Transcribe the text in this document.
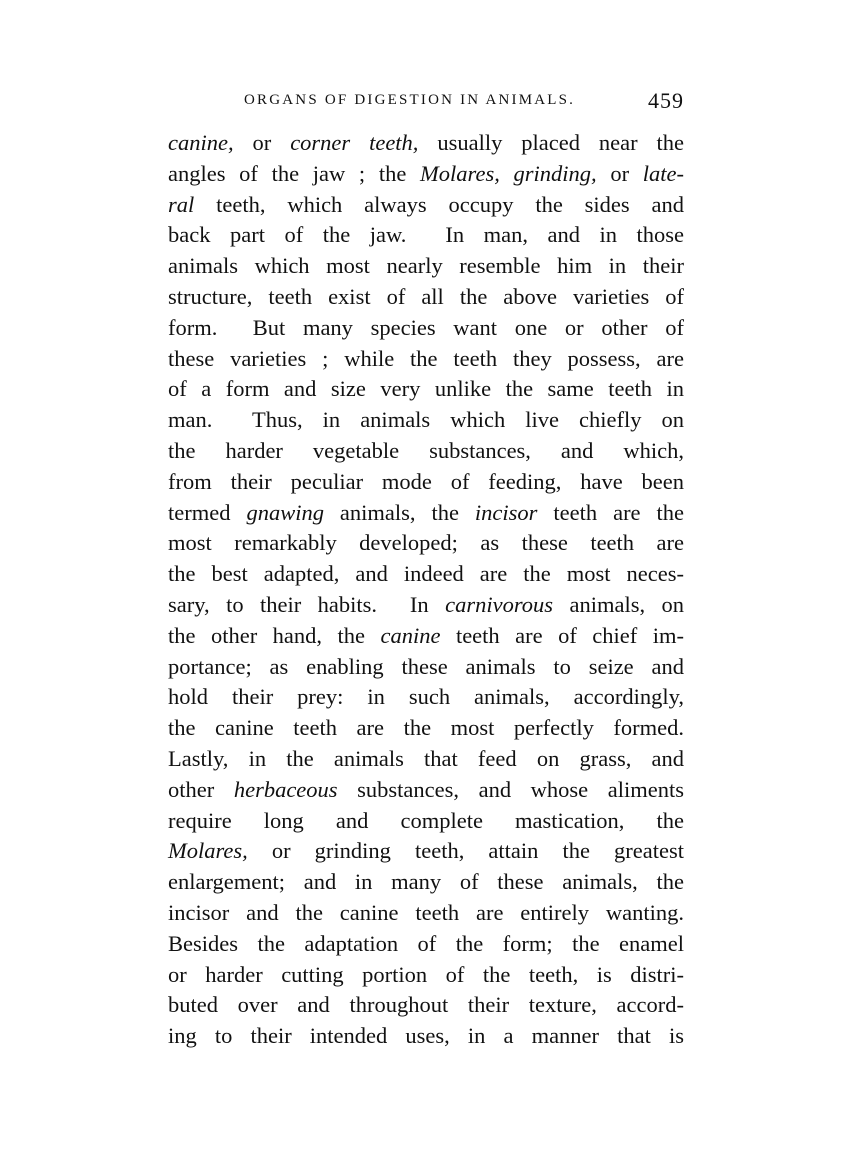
ORGANS OF DIGESTION IN ANIMALS.	459
canine, or corner teeth, usually placed near the
angles of the jaw ; the Molares, grinding, or late-
ral teeth, which always occupy the sides and
back part of the jaw.  In man, and in those
animals which most nearly resemble him in their
structure, teeth exist of all the above varieties of
form.  But many species want one or other of
these varieties ; while the teeth they possess, are
of a form and size very unlike the same teeth in
man.  Thus, in animals which live chiefly on
the harder vegetable substances, and which,
from their peculiar mode of feeding, have been
termed gnawing animals, the incisor teeth are the
most remarkably developed; as these teeth are
the best adapted, and indeed are the most neces-
sary, to their habits.  In carnivorous animals, on
the other hand, the canine teeth are of chief im-
portance; as enabling these animals to seize and
hold their prey: in such animals, accordingly,
the canine teeth are the most perfectly formed.
Lastly, in the animals that feed on grass, and
other herbaceous substances, and whose aliments
require long and complete mastication, the
Molares, or grinding teeth, attain the greatest
enlargement; and in many of these animals, the
incisor and the canine teeth are entirely wanting.
Besides the adaptation of the form; the enamel
or harder cutting portion of the teeth, is distri-
buted over and throughout their texture, accord-
ing to their intended uses, in a manner that is
